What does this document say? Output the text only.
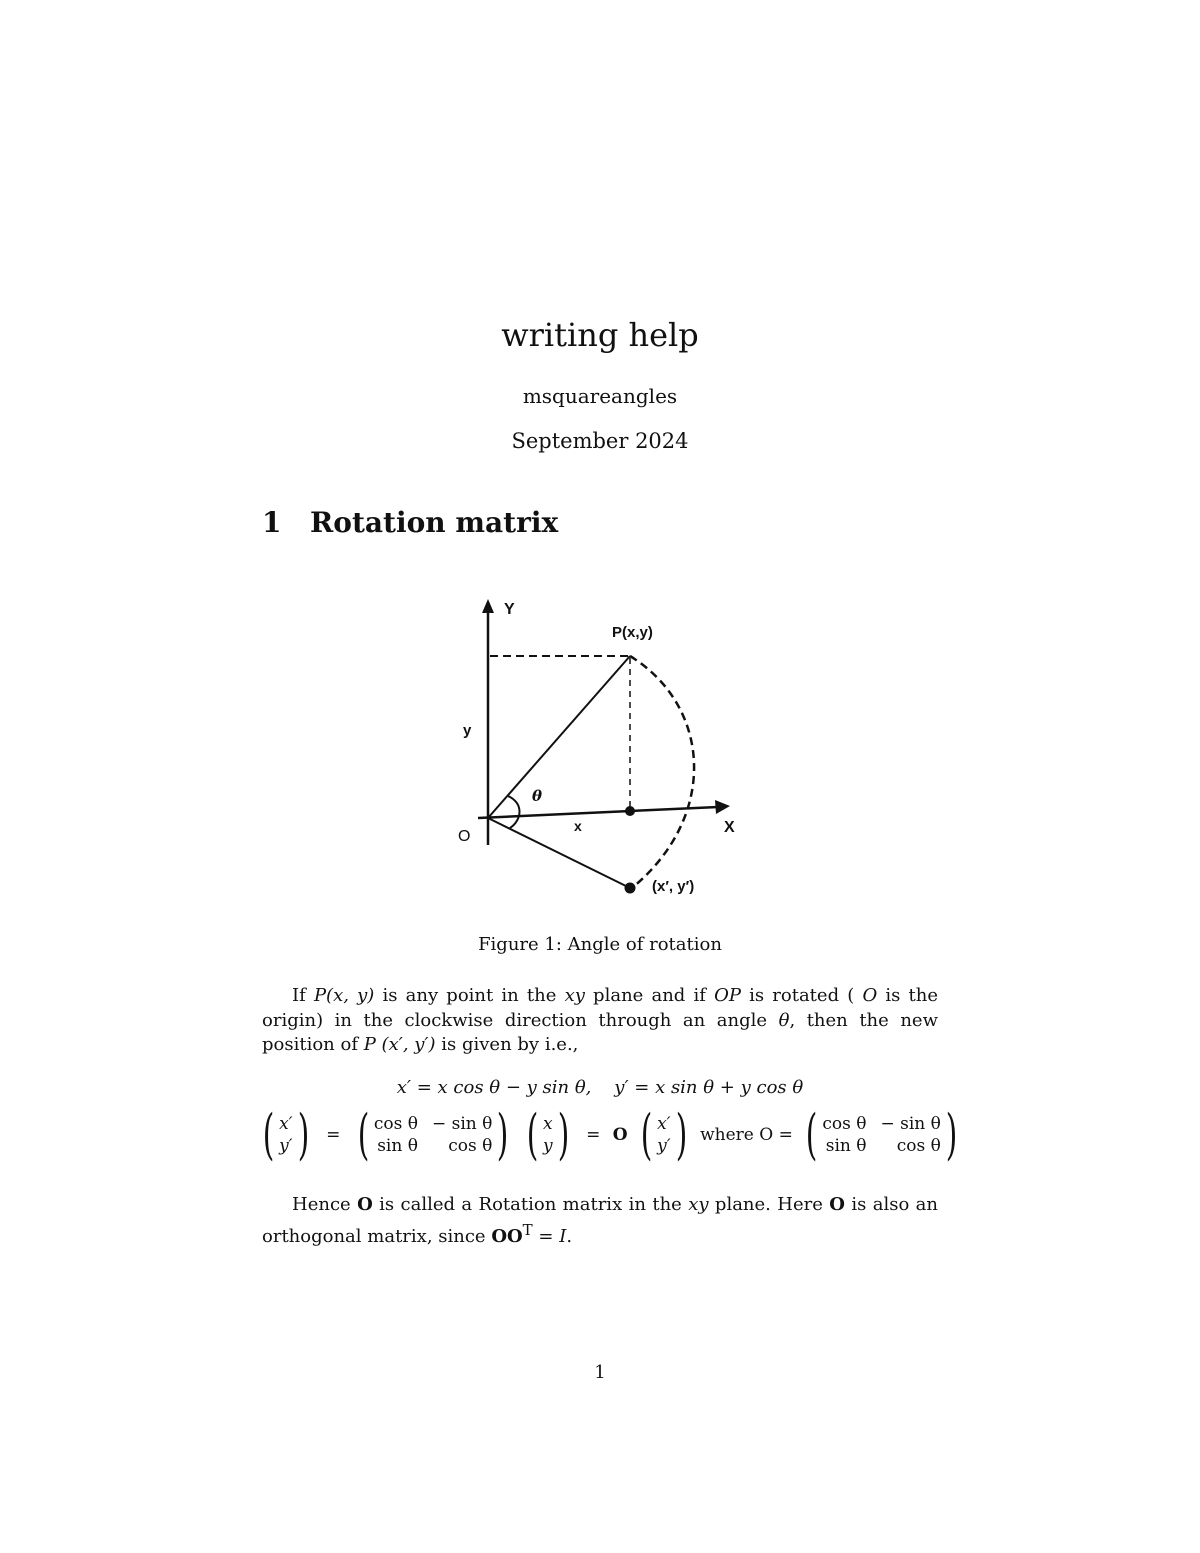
writing help
msquareangles
September 2024
1 Rotation matrix
Y
P(x,y)
y
θ
x	X
O
(x′, y′)
Figure 1: Angle of rotation
If P(x, y) is any point in the xy plane and if OP is rotated ( O is the origin) in the clockwise direction through an angle θ, then the new position of P (x′, y′) is given by i.e.,
x′ = x cos θ − y sin θ,    y′ = x sin θ + y cos θ
( x′
y′ ) = ( cos θ − sin θ
sin θ	cos θ ) ( x
y ) = O ( x′
y′ ) where O = ( cos θ − sin θ
sin θ	cos θ )
Hence O is called a Rotation matrix in the xy plane. Here O is also an orthogonal matrix, since $OO^T = I$.
1
